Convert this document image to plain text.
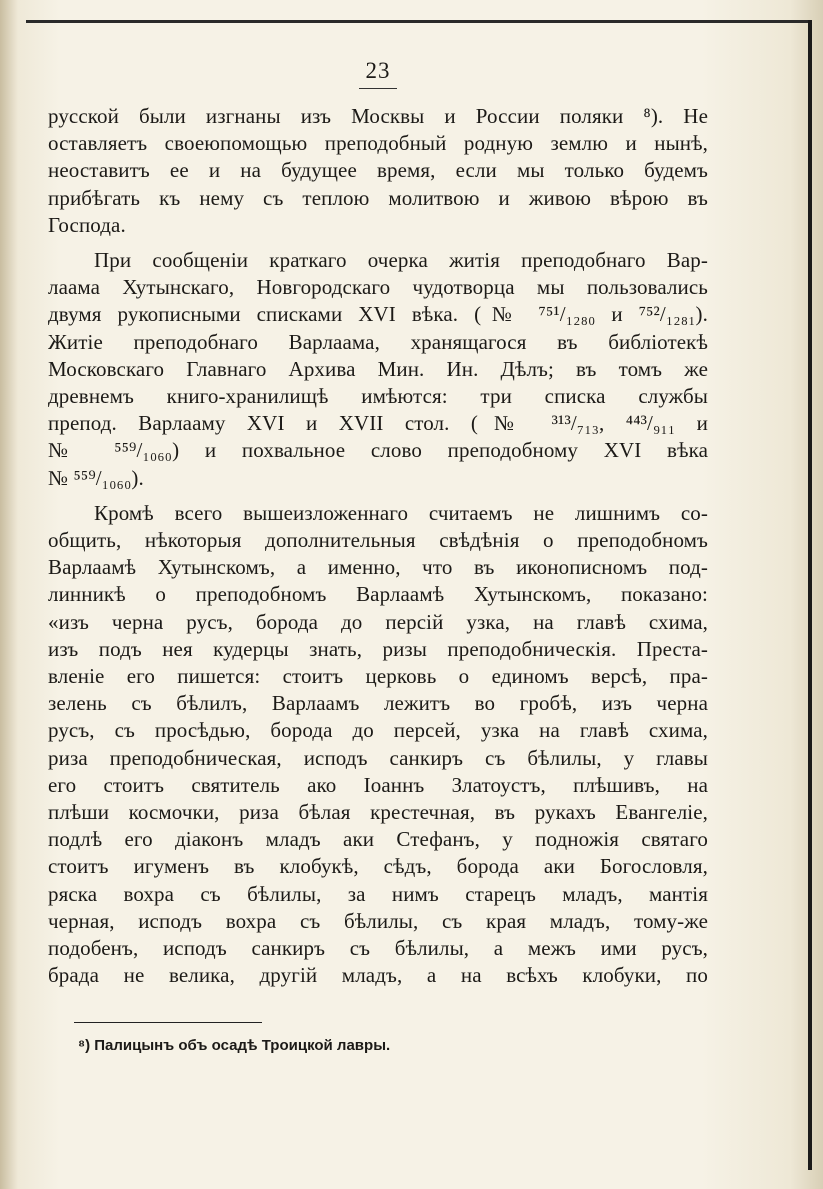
23
русской были изгнаны изъ Москвы и России поляки ⁸). Не
оставляетъ своеюпомощью преподобный родную землю и нынѣ,
неоставитъ ее и на будущее время, если мы только будемъ
прибѣгать къ нему съ теплою молитвою и живою вѣрою въ
Господа.
При сообщеніи краткаго очерка житія преподобнаго Вар-
лаама Хутынскаго, Новгородскаго чудотворца мы пользовались
двумя рукописными списками XVI вѣка. (№ ⁷⁵¹/₁₂₈₀ и ⁷⁵²/₁₂₈₁).
Житіе преподобнаго Варлаама, хранящагося въ библіотекѣ
Московскаго Главнаго Архива Мин. Ин. Дѣлъ; въ томъ же
древнемъ книго-хранилищѣ имѣются: три списка службы
препод. Варлааму XVI и XVII стол. (№ ³¹³/₇₁₃, ⁴⁴³/₉₁₁ и
№ ⁵⁵⁹/₁₀₆₀) и похвальное слово преподобному XVI вѣка
№ ⁵⁵⁹/₁₀₆₀).
Кромѣ всего вышеизложеннаго считаемъ не лишнимъ со-
общить, нѣкоторыя дополнительныя свѣдѣнія о преподобномъ
Варлаамѣ Хутынскомъ, а именно, что въ иконописномъ под-
линникѣ о преподобномъ Варлаамѣ Хутынскомъ, показано:
«изъ черна русъ, борода до персій узка, на главѣ схима,
изъ подъ нея кудерцы знать, ризы преподобническія. Преста-
вленіе его пишется: стоитъ церковь о единомъ версѣ, пра-
зелень съ бѣлилъ, Варлаамъ лежитъ во гробѣ, изъ черна
русъ, съ просѣдью, борода до персей, узка на главѣ схима,
риза преподобническая, исподъ санкиръ съ бѣлилы, у главы
его стоитъ святитель ако Іоаннъ Златоустъ, плѣшивъ, на
плѣши космочки, риза бѣлая крестечная, въ рукахъ Евангеліе,
подлѣ его діаконъ младъ аки Стефанъ, у подножія святаго
стоитъ игуменъ въ клобукѣ, сѣдъ, борода аки Богословля,
ряска вохра съ бѣлилы, за нимъ старецъ младъ, мантія
черная, исподъ вохра съ бѣлилы, съ края младъ, тому-же
подобенъ, исподъ санкиръ съ бѣлилы, а межъ ими русъ,
брада не велика, другій младъ, а на всѣхъ клобуки, по
⁸) Палицынъ объ осадѣ Троицкой лавры.
